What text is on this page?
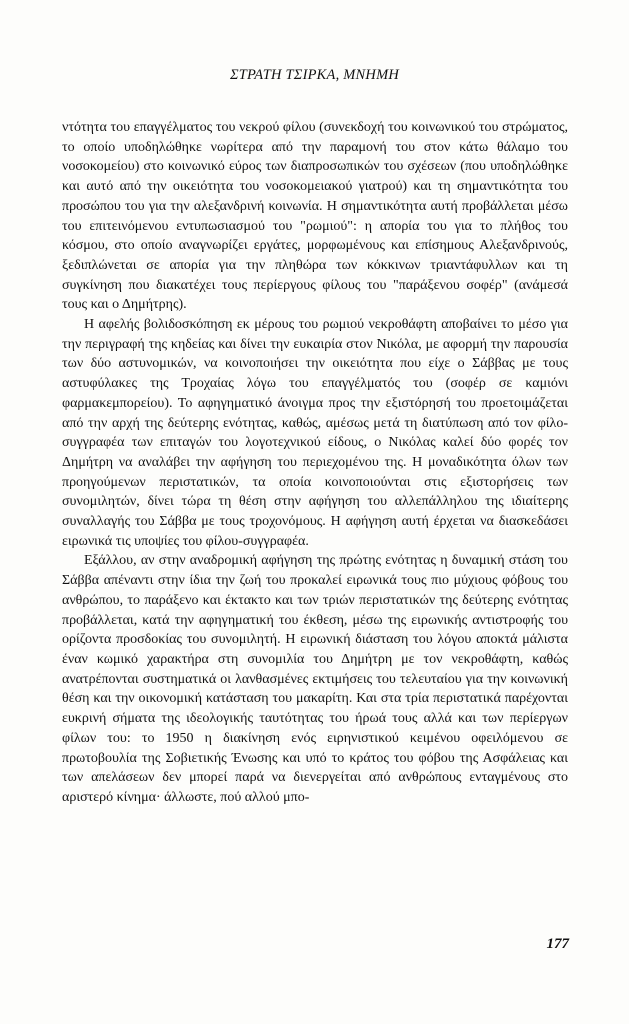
ΣΤΡΑΤΗ ΤΣΙΡΚΑ, ΜΝΗΜΗ

ντότητα του επαγγέλματος του νεκρού φίλου (συνεκδοχή του κοινωνικού του στρώματος, το οποίο υποδηλώθηκε νωρίτερα από την παραμονή του στον κάτω θάλαμο του νοσοκομείου) στο κοινωνικό εύρος των διαπροσωπικών του σχέσεων (που υποδηλώθηκε και αυτό από την οικειότητα του νοσοκομειακού γιατρού) και τη σημαντικότητα του προσώπου του για την αλεξανδρινή κοινωνία. Η σημαντικότητα αυτή προβάλλεται μέσω του επιτεινόμενου εντυπωσιασμού του "ρωμιού": η απορία του για το πλήθος του κόσμου, στο οποίο αναγνωρίζει εργάτες, μορφωμένους και επίσημους Αλεξανδρινούς, ξεδιπλώνεται σε απορία για την πληθώρα των κόκκινων τριαντάφυλλων και τη συγκίνηση που διακατέχει τους περίεργους φίλους του "παράξενου σοφέρ" (ανάμεσά τους και ο Δημήτρης).

Η αφελής βολιδοσκόπηση εκ μέρους του ρωμιού νεκροθάφτη αποβαίνει το μέσο για την περιγραφή της κηδείας και δίνει την ευκαιρία στον Νικόλα, με αφορμή την παρουσία των δύο αστυνομικών, να κοινοποιήσει την οικειότητα που είχε ο Σάββας με τους αστυφύλακες της Τροχαίας λόγω του επαγγέλματός του (σοφέρ σε καμιόνι φαρμακεμπορείου). Το αφηγηματικό άνοιγμα προς την εξιστόρησή του προετοιμάζεται από την αρχή της δεύτερης ενότητας, καθώς, αμέσως μετά τη διατύπωση από τον φίλο-συγγραφέα των επιταγών του λογοτεχνικού είδους, ο Νικόλας καλεί δύο φορές τον Δημήτρη να αναλάβει την αφήγηση του περιεχομένου της. Η μοναδικότητα όλων των προηγούμενων περιστατικών, τα οποία κοινοποιούνται στις εξιστορήσεις των συνομιλητών, δίνει τώρα τη θέση στην αφήγηση του αλλεπάλληλου της ιδιαίτερης συναλλαγής του Σάββα με τους τροχονόμους. Η αφήγηση αυτή έρχεται να διασκεδάσει ειρωνικά τις υποψίες του φίλου-συγγραφέα.

Εξάλλου, αν στην αναδρομική αφήγηση της πρώτης ενότητας η δυναμική στάση του Σάββα απέναντι στην ίδια την ζωή του προκαλεί ειρωνικά τους πιο μύχιους φόβους του ανθρώπου, το παράξενο και έκτακτο και των τριών περιστατικών της δεύτερης ενότητας προβάλλεται, κατά την αφηγηματική του έκθεση, μέσω της ειρωνικής αντιστροφής του ορίζοντα προσδοκίας του συνομιλητή. Η ειρωνική διάσταση του λόγου αποκτά μάλιστα έναν κωμικό χαρακτήρα στη συνομιλία του Δημήτρη με τον νεκροθάφτη, καθώς ανατρέπονται συστηματικά οι λανθασμένες εκτιμήσεις του τελευταίου για την κοινωνική θέση και την οικονομική κατάσταση του μακαρίτη. Και στα τρία περιστατικά παρέχονται ευκρινή σήματα της ιδεολογικής ταυτότητας του ήρωά τους αλλά και των περίεργων φίλων του: το 1950 η διακίνηση ενός ειρηνιστικού κειμένου οφειλόμενου σε πρωτοβουλία της Σοβιετικής Ένωσης και υπό το κράτος του φόβου της Ασφάλειας και των απελάσεων δεν μπορεί παρά να διενεργείται από ανθρώπους ενταγμένους στο αριστερό κίνημα· άλλωστε, πού αλλού μπο-

177
